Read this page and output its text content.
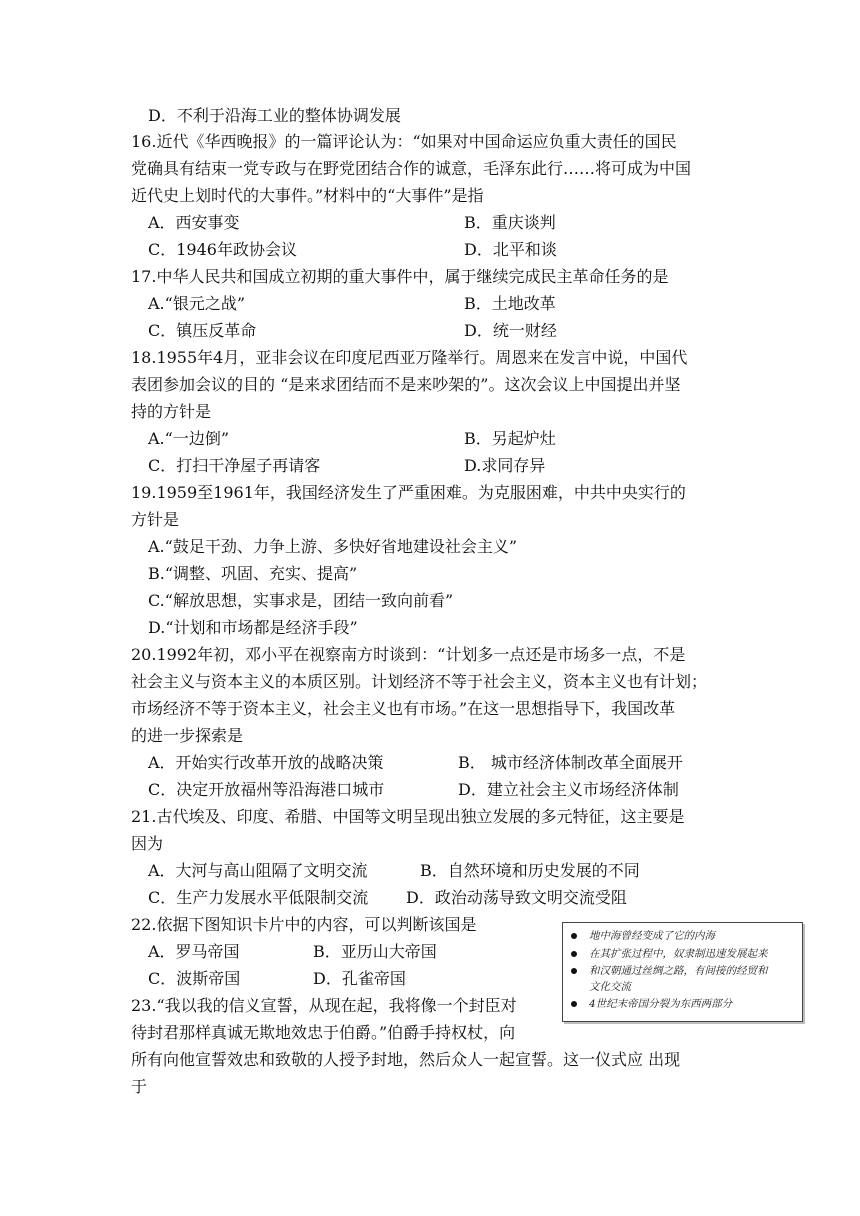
D．不利于沿海工业的整体协调发展
16.近代《华西晚报》的一篇评论认为：“如果对中国命运应负重大责任的国民
党确具有结束一党专政与在野党团结合作的诚意，毛泽东此行……将可成为中国
近代史上划时代的大事件。”材料中的“大事件”是指
A．西安事变	B．重庆谈判
C．1946年政协会议	D．北平和谈
17.中华人民共和国成立初期的重大事件中，属于继续完成民主革命任务的是
A.“银元之战”	B．土地改革
C．镇压反革命	D．统一财经
18.1955年4月，亚非会议在印度尼西亚万隆举行。周恩来在发言中说，中国代
表团参加会议的目的 “是来求团结而不是来吵架的”。这次会议上中国提出并坚
持的方针是
A.“一边倒”	B．另起炉灶
C．打扫干净屋子再请客	D.求同存异
19.1959至1961年，我国经济发生了严重困难。为克服困难，中共中央实行的
方针是
A.“鼓足干劲、力争上游、多快好省地建设社会主义”
B.“调整、巩固、充实、提高”
C.“解放思想，实事求是，团结一致向前看”
D.“计划和市场都是经济手段”
20.1992年初，邓小平在视察南方时谈到：“计划多一点还是市场多一点，不是
社会主义与资本主义的本质区别。计划经济不等于社会主义，资本主义也有计划；
市场经济不等于资本主义，社会主义也有市场。”在这一思想指导下，我国改革
的进一步探索是
A．开始实行改革开放的战略决策	B． 城市经济体制改革全面展开
C．决定开放福州等沿海港口城市	D．建立社会主义市场经济体制
21.古代埃及、印度、希腊、中国等文明呈现出独立发展的多元特征，这主要是
因为
A．大河与高山阻隔了文明交流	B．自然环境和历史发展的不同
C．生产力发展水平低限制交流 D．政治动荡导致文明交流受阻
22.依据下图知识卡片中的内容，可以判断该国是
A．罗马帝国	B．亚历山大帝国
C．波斯帝国	D．孔雀帝国
23.“我以我的信义宣誓，从现在起，我将像一个封臣对
待封君那样真诚无欺地效忠于伯爵。”伯爵手持权杖，向
所有向他宣誓效忠和致敬的人授予封地，然后众人一起宣誓。这一仪式应 出现
于
地中海曾经变成了它的内海
在其扩张过程中，奴隶制迅速发展起来
和汉朝通过丝绸之路，有间接的经贸和
文化交流
4世纪末帝国分裂为东西两部分
